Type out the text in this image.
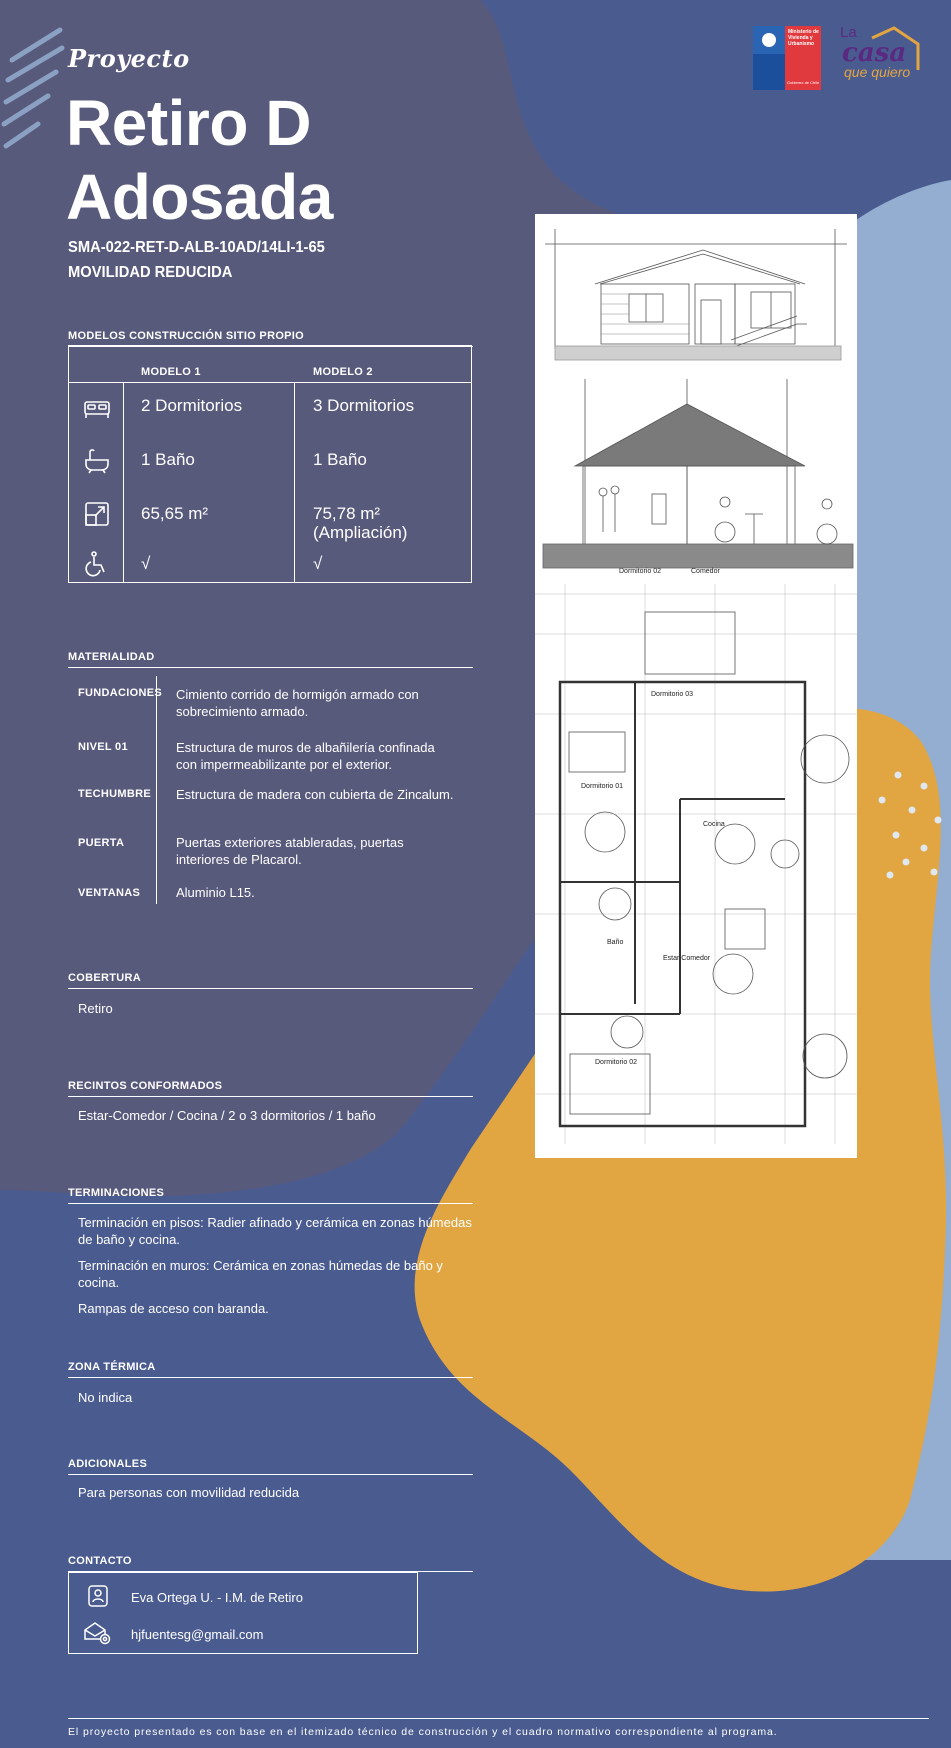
Ministerio de
Vivienda y
Urbanismo
Gobierno de Chile
La
casa
que quiero
Proyecto
Retiro D
Adosada
SMA-022-RET-D-ALB-10AD/14LI-1-65
MOVILIDAD REDUCIDA
MODELOS CONSTRUCCIÓN SITIO PROPIO
MODELO 1	MODELO 2
2 Dormitorios	3 Dormitorios
1 Baño	1 Baño
65,65 m²	75,78 m²
(Ampliación)
√	√
MATERIALIDAD
FUNDACIONES Cimiento corrido de hormigón armado con
sobrecimiento armado.
NIVEL 01	Estructura de muros de albañilería confinada
con impermeabilizante por el exterior.
TECHUMBRE Estructura de madera con cubierta de Zincalum.
PUERTA	Puertas exteriores atableradas, puertas
interiores de Placarol.
VENTANAS	Aluminio L15.
COBERTURA
Retiro
RECINTOS CONFORMADOS
Estar-Comedor / Cocina / 2 o 3 dormitorios / 1 baño
TERMINACIONES
Terminación en pisos: Radier afinado y cerámica en zonas húmedas
de baño y cocina.
Terminación en muros: Cerámica en zonas húmedas de baño y
cocina.
Rampas de acceso con baranda.
ZONA TÉRMICA
No indica
ADICIONALES
Para personas con movilidad reducida
CONTACTO
Eva Ortega U. - I.M. de Retiro
hjfuentesg@gmail.com
Dormitorio 03
Dormitorio 01
Cocina
Baño
Estar Comedor
Dormitorio 02
Dormitorio 02	Comedor
El proyecto presentado es con base en el itemizado técnico de construcción y el cuadro normativo correspondiente al programa.
